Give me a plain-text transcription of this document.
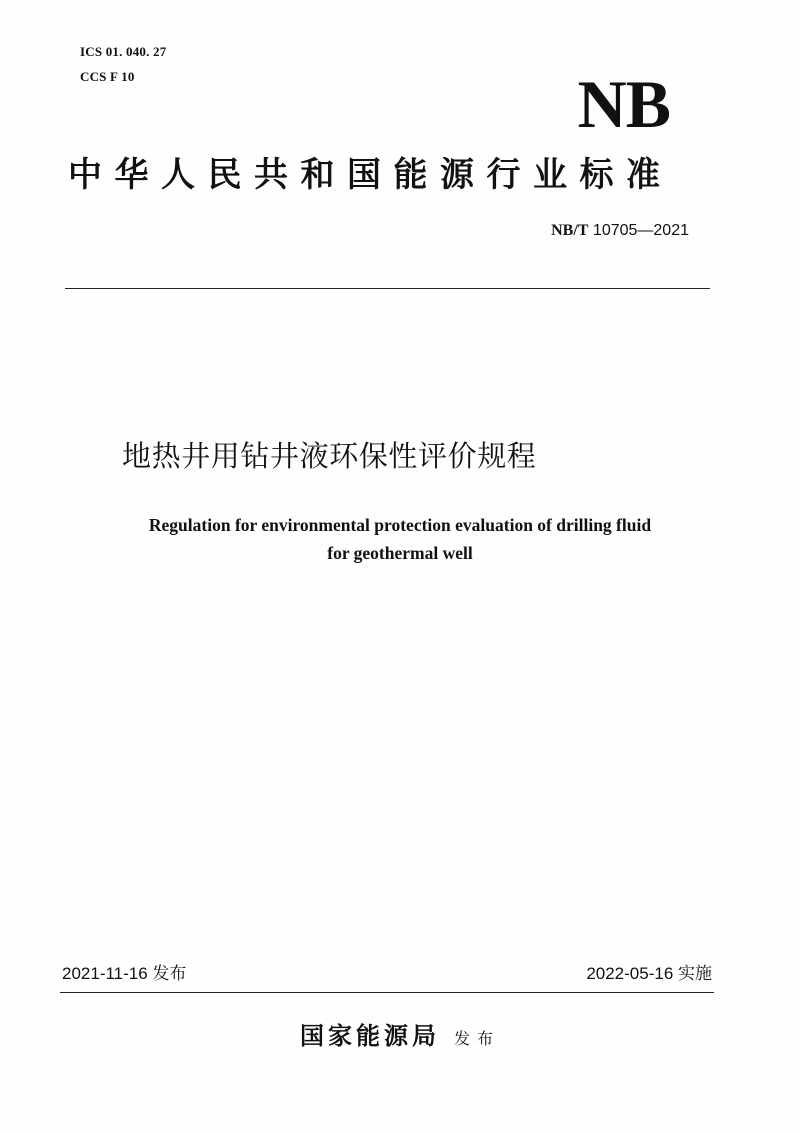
ICS 01. 040. 27
CCS F 10	NB
中华人民共和国能源行业标准
NB/T 10705—2021
地热井用钻井液环保性评价规程
Regulation for environmental protection evaluation of drilling fluid
for geothermal well
2021-11-16 发布	2022-05-16 实施
国家能源局 发布
